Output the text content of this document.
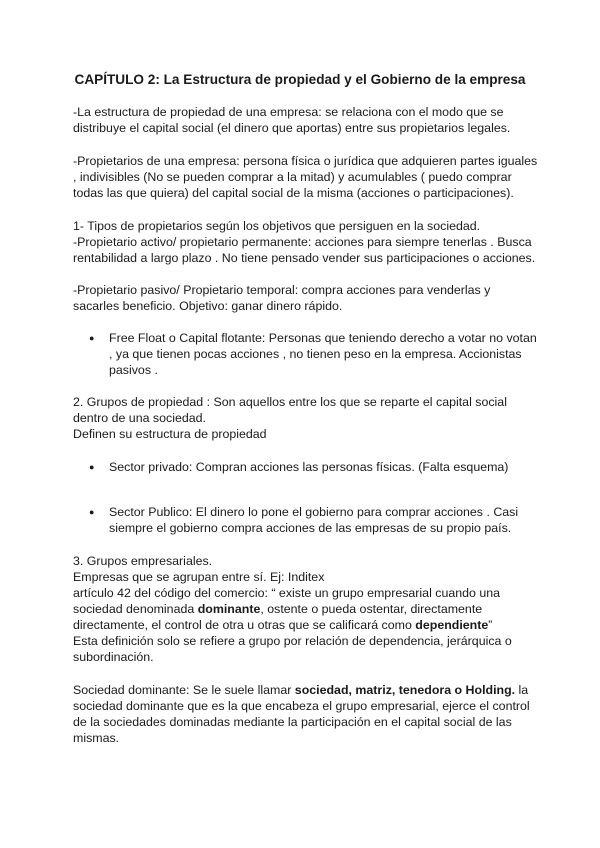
CAPÍTULO 2: La Estructura de propiedad y el Gobierno de la empresa
-La estructura de propiedad de una empresa: se relaciona con el modo que se
distribuye el capital social (el dinero que aportas) entre sus propietarios legales.
-Propietarios de una empresa: persona física o jurídica que adquieren partes iguales
, indivisibles (No se pueden comprar a la mitad) y acumulables ( puedo comprar
todas las que quiera) del capital social de la misma (acciones o participaciones).
1- Tipos de propietarios según los objetivos que persiguen en la sociedad.
-Propietario activo/ propietario permanente: acciones para siempre tenerlas . Busca
rentabilidad a largo plazo . No tiene pensado vender sus participaciones o acciones.
-Propietario pasivo/ Propietario temporal: compra acciones para venderlas y
sacarles beneficio. Objetivo: ganar dinero rápido.
● Free Float o Capital flotante: Personas que teniendo derecho a votar no votan
, ya que tienen pocas acciones , no tienen peso en la empresa. Accionistas
pasivos .
2. Grupos de propiedad : Son aquellos entre los que se reparte el capital social
dentro de una sociedad.
Definen su estructura de propiedad
● Sector privado: Compran acciones las personas físicas. (Falta esquema)
● Sector Publico: El dinero lo pone el gobierno para comprar acciones . Casi
siempre el gobierno compra acciones de las empresas de su propio país.
3. Grupos empresariales.
Empresas que se agrupan entre sí. Ej: Inditex
artículo 42 del código del comercio: “ existe un grupo empresarial cuando una
sociedad denominada dominante, ostente o pueda ostentar, directamente
directamente, el control de otra u otras que se calificará como dependiente”
Esta definición solo se refiere a grupo por relación de dependencia, jerárquica o
subordinación.
Sociedad dominante: Se le suele llamar sociedad, matriz, tenedora o Holding. la
sociedad dominante que es la que encabeza el grupo empresarial, ejerce el control
de la sociedades dominadas mediante la participación en el capital social de las
mismas.
